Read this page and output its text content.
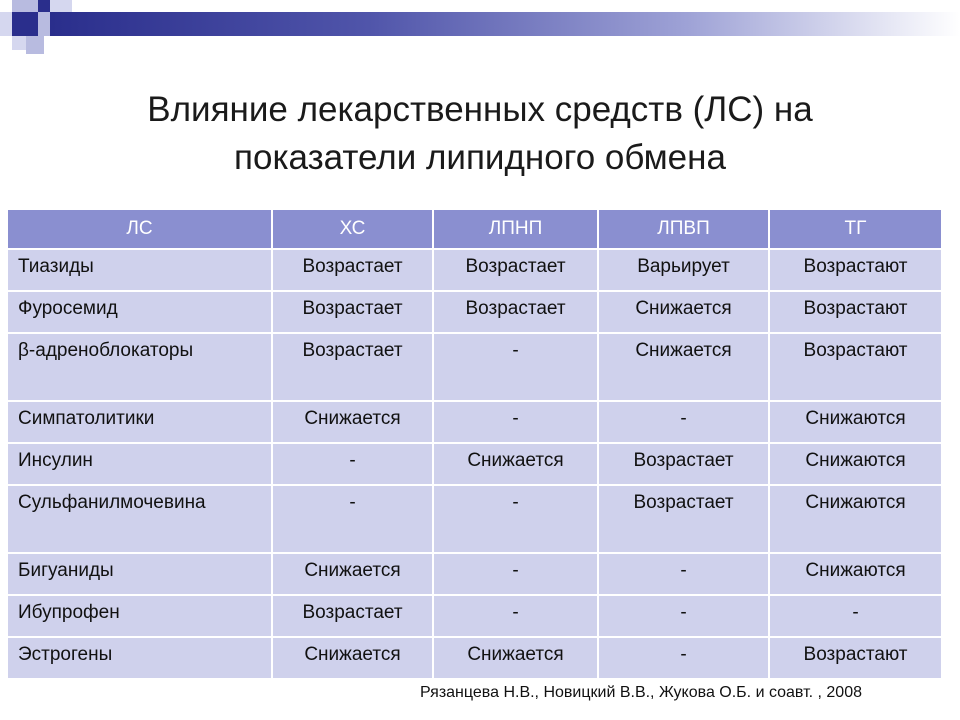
Влияние лекарственных средств (ЛС) на
показатели липидного обмена
ЛС	ХС	ЛПНП	ЛПВП	ТГ
Тиазиды	Возрастает	Возрастает	Варьирует	Возрастают
Фуросемид	Возрастает	Возрастает	Снижается	Возрастают
β-адреноблокаторы	Возрастает	-	Снижается	Возрастают
Симпатолитики	Снижается	-	-	Снижаются
Инсулин	-	Снижается	Возрастает	Снижаются
Сульфанилмочевина	-	-	Возрастает	Снижаются
Бигуаниды	Снижается	-	-	Снижаются
Ибупрофен	Возрастает	-	-	-
Эстрогены	Снижается	Снижается	-	Возрастают
Рязанцева Н.В., Новицкий В.В., Жукова О.Б. и соавт. , 2008
